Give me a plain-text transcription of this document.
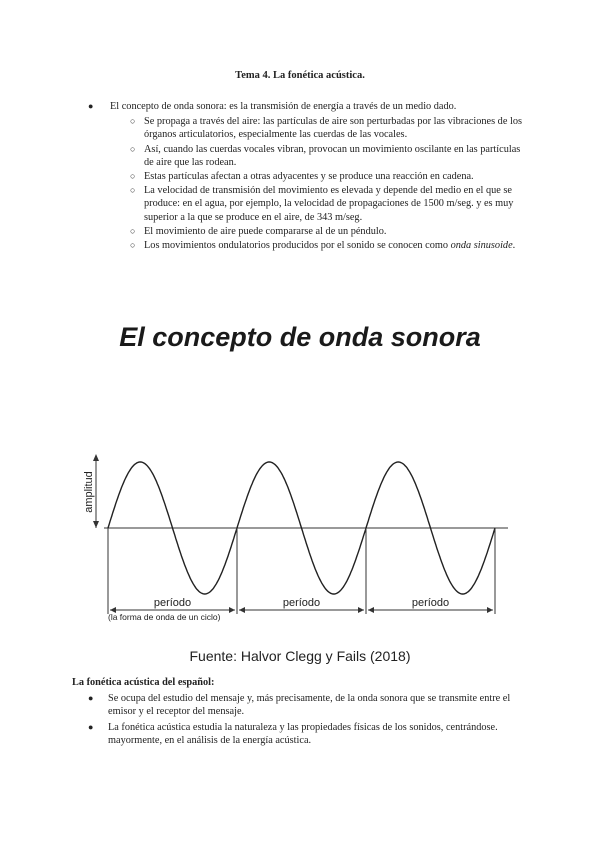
Tema 4. La fonética acústica.
● El concepto de onda sonora: es la transmisión de energía a través de un medio dado.
○ Se propaga a través del aire: las partículas de aire son perturbadas por las vibraciones de los órganos articulatorios, especialmente las cuerdas de las vocales.
○ Así, cuando las cuerdas vocales vibran, provocan un movimiento oscilante en las partículas de aire que las rodean.
○ Estas partículas afectan a otras adyacentes y se produce una reacción en cadena.
○ La velocidad de transmisión del movimiento es elevada y depende del medio en el que se produce: en el agua, por ejemplo, la velocidad de propagaciones de 1500 m/seg. y es muy superior a la que se produce en el aire, de 343 m/seg.
○ El movimiento de aire puede compararse al de un péndulo.
○ Los movimientos ondulatorios producidos por el sonido se conocen como onda sinusoide.
El concepto de onda sonora
amplitud
período	período	período
(la forma de onda de un ciclo)
Fuente: Halvor Clegg y Fails (2018)
La fonética acústica del español:
● Se ocupa del estudio del mensaje y, más precisamente, de la onda sonora que se transmite entre el emisor y el receptor del mensaje.
● La fonética acústica estudia la naturaleza y las propiedades físicas de los sonidos, centrándose. mayormente, en el análisis de la energía acústica.
